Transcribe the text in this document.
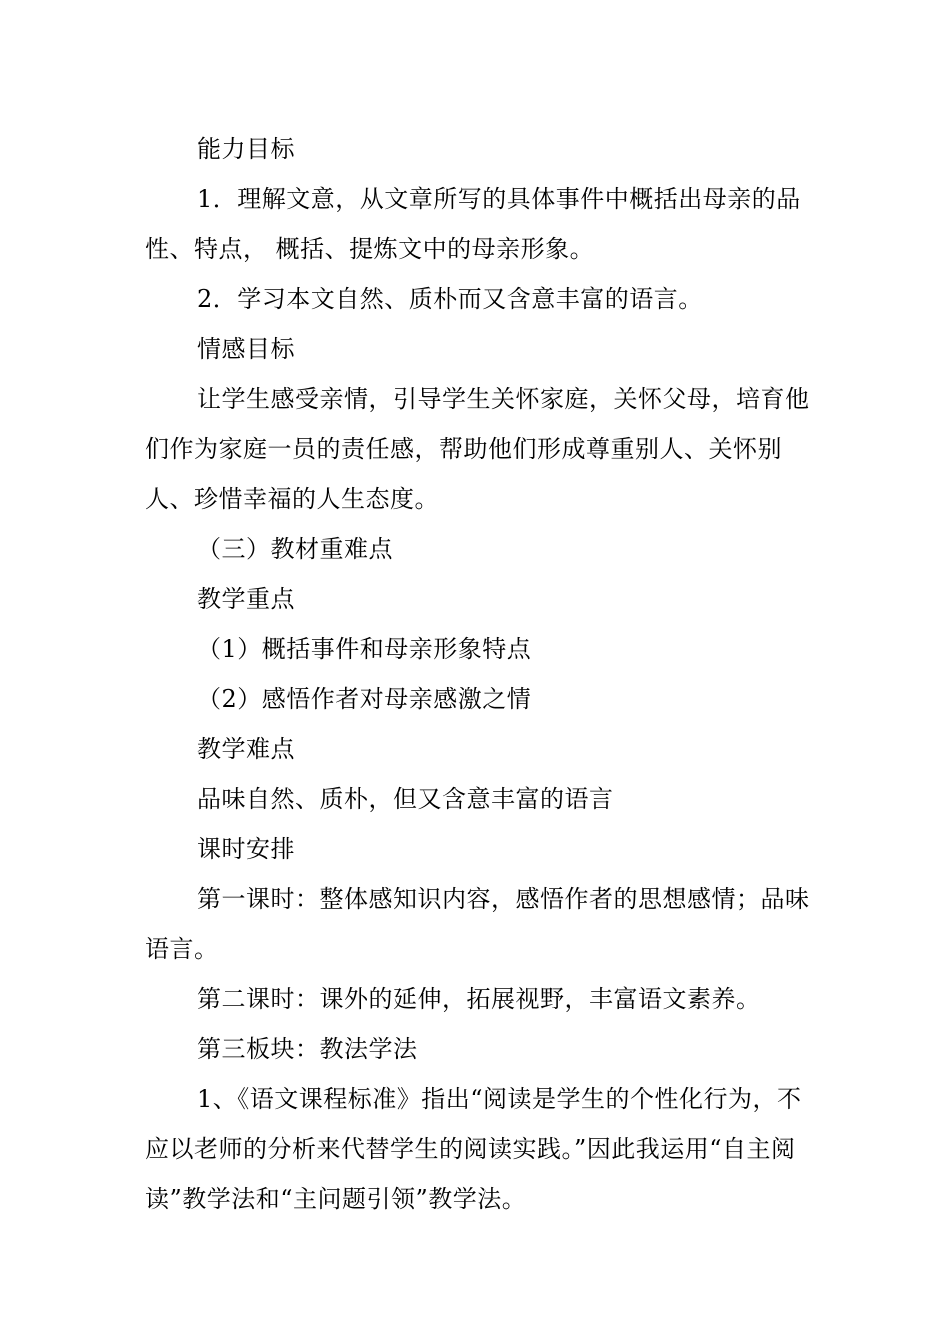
能力目标

1．理解文意，从文章所写的具体事件中概括出母亲的品性、特点， 概括、提炼文中的母亲形象。

2．学习本文自然、质朴而又含意丰富的语言。

情感目标

让学生感受亲情，引导学生关怀家庭，关怀父母，培育他们作为家庭一员的责任感，帮助他们形成尊重别人、关怀别人、珍惜幸福的人生态度。

（三）教材重难点

教学重点

（1）概括事件和母亲形象特点

（2）感悟作者对母亲感激之情

教学难点

品味自然、质朴，但又含意丰富的语言

课时安排

第一课时：整体感知识内容，感悟作者的思想感情；品味语言。

第二课时：课外的延伸，拓展视野，丰富语文素养。

第三板块：教法学法

1、《语文课程标准》指出“阅读是学生的个性化行为，不应以老师的分析来代替学生的阅读实践。”因此我运用“自主阅读”教学法和“主问题引领”教学法。
